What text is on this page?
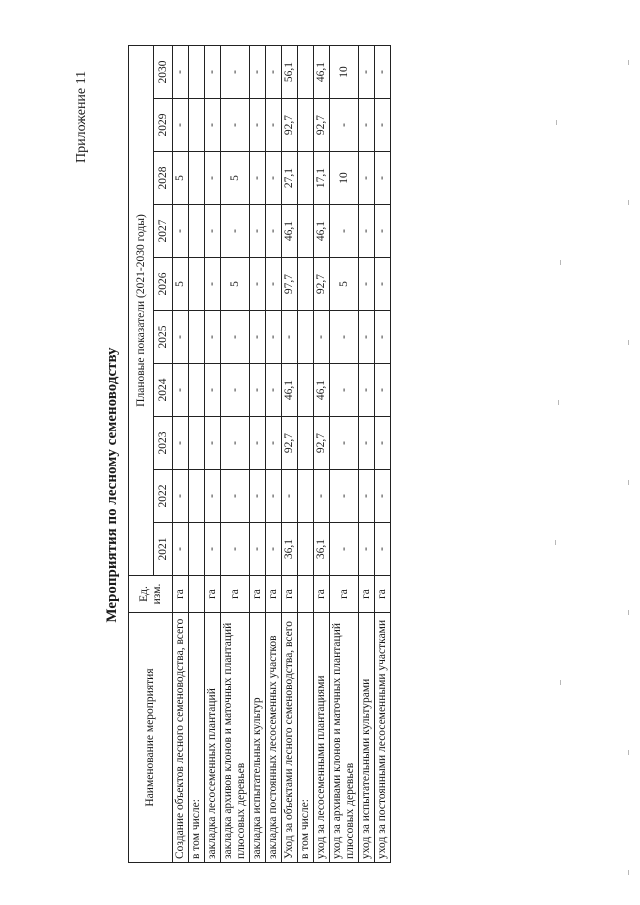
Приложение 11
Мероприятия по лесному семеноводству
Наименование мероприятия	Ед. изм.	Плановые показатели (2021-2030 годы)									
		2021	2022	2023	2024	2025	2026	2027	2028	2029	2030
Создание объектов лесного семеноводства, всего	га	-	-	-	-	-	5	-	5	-	-
в том числе:											
закладка лесосеменных плантаций	га	-	-	-	-	-	-	-	-	-	-
закладка архивов клонов и маточных плантаций плюсовых деревьев	га	-	-	-	-	-	5	-	5	-	-
закладка испытательных культур	га	-	-	-	-	-	-	-	-	-	-
закладка постоянных лесосеменных участков	га	-	-	-	-	-	-	-	-	-	-
Уход за объектами лесного семеноводства, всего	га	36,1	-	92,7	46,1	-	97,7	46,1	27,1	92,7	56,1
в том числе:											
уход за лесосеменными плантациями	га	36,1	-	92,7	46,1	-	92,7	46,1	17,1	92,7	46,1
уход за архивами клонов и маточных плантаций плюсовых деревьев	га	-	-	-	-	-	5	-	10	-	10
уход за испытательными культурами	га	-	-	-	-	-	-	-	-	-	-
уход за постоянными лесосеменными участками	га	-	-	-	-	-	-	-	-	-	-
